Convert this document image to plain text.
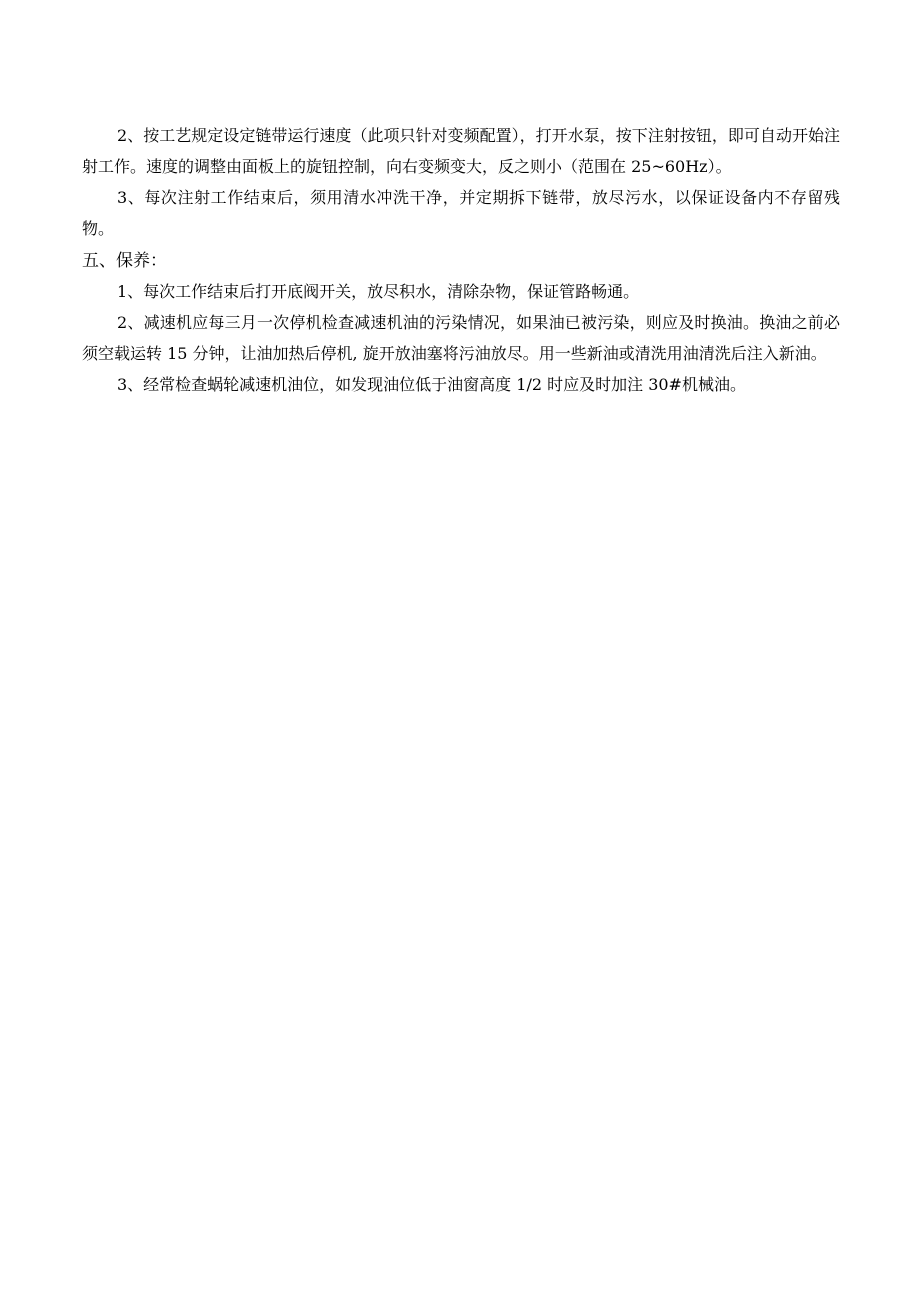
2、按工艺规定设定链带运行速度（此项只针对变频配置），打开水泵，按下注射按钮，即可自动开始注射工作。速度的调整由面板上的旋钮控制，向右变频变大，反之则小（范围在 25~60Hz）。

3、每次注射工作结束后，须用清水冲洗干净，并定期拆下链带，放尽污水，以保证设备内不存留残物。

五、保养：

1、每次工作结束后打开底阀开关，放尽积水，清除杂物，保证管路畅通。

2、减速机应每三月一次停机检查减速机油的污染情况，如果油已被污染，则应及时换油。换油之前必须空载运转 15 分钟，让油加热后停机, 旋开放油塞将污油放尽。用一些新油或清洗用油清洗后注入新油。

3、经常检查蜗轮减速机油位，如发现油位低于油窗高度 1/2 时应及时加注 30#机械油。
